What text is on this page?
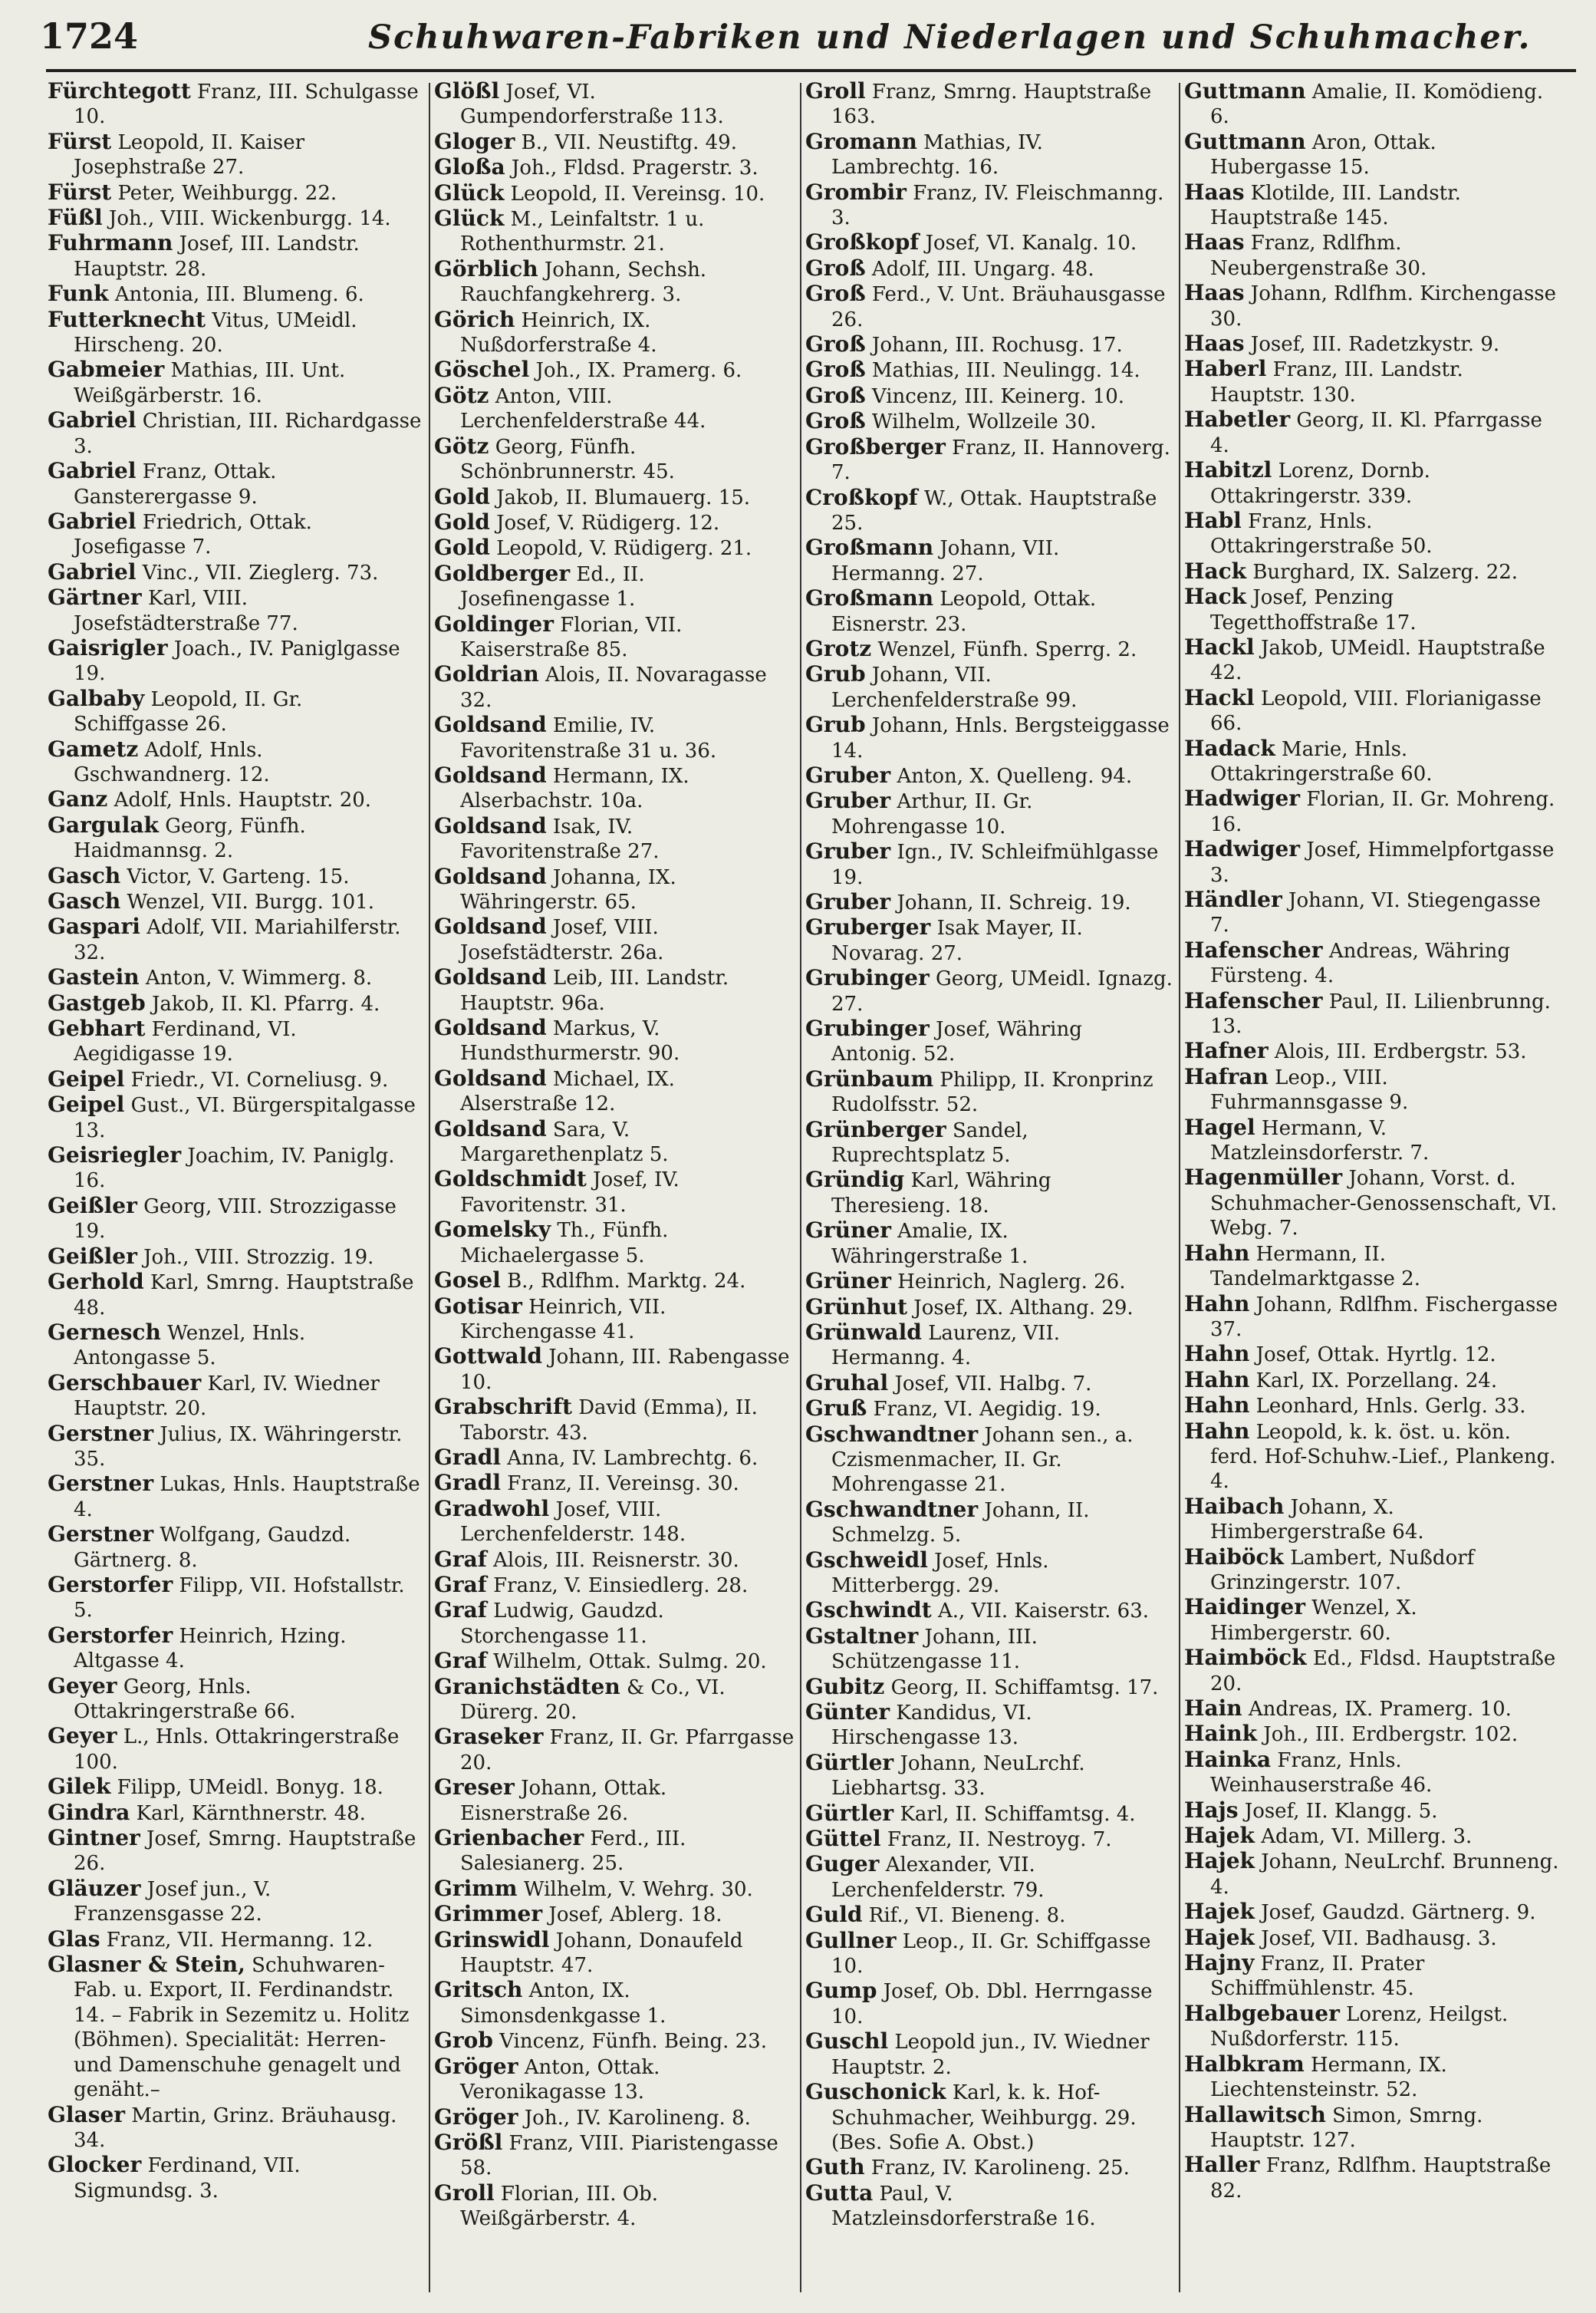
1724	Schuhwaren-Fabriken und Niederlagen und Schuhmacher.

Fürchtegott Franz, III. Schulgasse 10.

Fürst Leopold, II. Kaiser Josephstraße 27.

Fürst Peter, Weihburgg. 22.

Füßl Joh., VIII. Wickenburgg. 14.

Fuhrmann Josef, III. Landstr. Hauptstr. 28.

Funk Antonia, III. Blumeng. 6.

Futterknecht Vitus, UMeidl. Hirscheng. 20.

Gabmeier Mathias, III. Unt. Weißgärberstr. 16.

Gabriel Christian, III. Richardgasse 3.

Gabriel Franz, Ottak. Gansterergasse 9.

Gabriel Friedrich, Ottak. Josefigasse 7.

Gabriel Vinc., VII. Zieglerg. 73.

Gärtner Karl, VIII. Josefstädterstraße 77.

Gaisrigler Joach., IV. Paniglgasse 19.

Galbaby Leopold, II. Gr. Schiffgasse 26.

Gametz Adolf, Hnls. Gschwandnerg. 12.

Ganz Adolf, Hnls. Hauptstr. 20.

Gargulak Georg, Fünfh. Haidmannsg. 2.

Gasch Victor, V. Garteng. 15.

Gasch Wenzel, VII. Burgg. 101.

Gaspari Adolf, VII. Mariahilferstr. 32.

Gastein Anton, V. Wimmerg. 8.

Gastgeb Jakob, II. Kl. Pfarrg. 4.

Gebhart Ferdinand, VI. Aegidigasse 19.

Geipel Friedr., VI. Corneliusg. 9.

Geipel Gust., VI. Bürgerspitalgasse 13.

Geisriegler Joachim, IV. Paniglg. 16.

Geißler Georg, VIII. Strozzigasse 19.

Geißler Joh., VIII. Strozzig. 19.

Gerhold Karl, Smrng. Hauptstraße 48.

Gernesch Wenzel, Hnls. Antongasse 5.

Gerschbauer Karl, IV. Wiedner Hauptstr. 20.

Gerstner Julius, IX. Währingerstr. 35.

Gerstner Lukas, Hnls. Hauptstraße 4.

Gerstner Wolfgang, Gaudzd. Gärtnerg. 8.

Gerstorfer Filipp, VII. Hofstallstr. 5.

Gerstorfer Heinrich, Hzing. Altgasse 4.

Geyer Georg, Hnls. Ottakringerstraße 66.

Geyer L., Hnls. Ottakringerstraße 100.

Gilek Filipp, UMeidl. Bonyg. 18.

Gindra Karl, Kärnthnerstr. 48.

Gintner Josef, Smrng. Hauptstraße 26.

Gläuzer Josef jun., V. Franzensgasse 22.

Glas Franz, VII. Hermanng. 12.

Glasner & Stein, Schuhwaren-Fab. u. Export, II. Ferdinandstr. 14. – Fabrik in Sezemitz u. Holitz (Böhmen). Specialität: Herren- und Damenschuhe genagelt und genäht.–

Glaser Martin, Grinz. Bräuhausg. 34.

Glocker Ferdinand, VII. Sigmundsg. 3.

Glößl Josef, VI. Gumpendorferstraße 113.

Gloger B., VII. Neustiftg. 49.

Gloßa Joh., Fldsd. Pragerstr. 3.

Glück Leopold, II. Vereinsg. 10.

Glück M., Leinfaltstr. 1 u. Rothenthurmstr. 21.

Görblich Johann, Sechsh. Rauchfangkehrerg. 3.

Görich Heinrich, IX. Nußdorferstraße 4.

Göschel Joh., IX. Pramerg. 6.

Götz Anton, VIII. Lerchenfelderstraße 44.

Götz Georg, Fünfh. Schönbrunnerstr. 45.

Gold Jakob, II. Blumauerg. 15.

Gold Josef, V. Rüdigerg. 12.

Gold Leopold, V. Rüdigerg. 21.

Goldberger Ed., II. Josefinengasse 1.

Goldinger Florian, VII. Kaiserstraße 85.

Goldrian Alois, II. Novaragasse 32.

Goldsand Emilie, IV. Favoritenstraße 31 u. 36.

Goldsand Hermann, IX. Alserbachstr. 10a.

Goldsand Isak, IV. Favoritenstraße 27.

Goldsand Johanna, IX. Währingerstr. 65.

Goldsand Josef, VIII. Josefstädterstr. 26a.

Goldsand Leib, III. Landstr. Hauptstr. 96a.

Goldsand Markus, V. Hundsthurmerstr. 90.

Goldsand Michael, IX. Alserstraße 12.

Goldsand Sara, V. Margarethenplatz 5.

Goldschmidt Josef, IV. Favoritenstr. 31.

Gomelsky Th., Fünfh. Michaelergasse 5.

Gosel B., Rdlfhm. Marktg. 24.

Gotisar Heinrich, VII. Kirchengasse 41.

Gottwald Johann, III. Rabengasse 10.

Grabschrift David (Emma), II. Taborstr. 43.

Gradl Anna, IV. Lambrechtg. 6.

Gradl Franz, II. Vereinsg. 30.

Gradwohl Josef, VIII. Lerchenfelderstr. 148.

Graf Alois, III. Reisnerstr. 30.

Graf Franz, V. Einsiedlerg. 28.

Graf Ludwig, Gaudzd. Storchengasse 11.

Graf Wilhelm, Ottak. Sulmg. 20.

Granichstädten & Co., VI. Dürerg. 20.

Graseker Franz, II. Gr. Pfarrgasse 20.

Greser Johann, Ottak. Eisnerstraße 26.

Grienbacher Ferd., III. Salesianerg. 25.

Grimm Wilhelm, V. Wehrg. 30.

Grimmer Josef, Ablerg. 18.

Grinswidl Johann, Donaufeld Hauptstr. 47.

Gritsch Anton, IX. Simonsdenkgasse 1.

Grob Vincenz, Fünfh. Being. 23.

Gröger Anton, Ottak. Veronikagasse 13.

Gröger Joh., IV. Karolineng. 8.

Größl Franz, VIII. Piaristengasse 58.

Groll Florian, III. Ob. Weißgärberstr. 4.

Groll Franz, Smrng. Hauptstraße 163.

Gromann Mathias, IV. Lambrechtg. 16.

Grombir Franz, IV. Fleischmanng. 3.

Großkopf Josef, VI. Kanalg. 10.

Groß Adolf, III. Ungarg. 48.

Groß Ferd., V. Unt. Bräuhausgasse 26.

Groß Johann, III. Rochusg. 17.

Groß Mathias, III. Neulingg. 14.

Groß Vincenz, III. Keinerg. 10.

Groß Wilhelm, Wollzeile 30.

Großberger Franz, II. Hannoverg. 7.

Croßkopf W., Ottak. Hauptstraße 25.

Großmann Johann, VII. Hermanng. 27.

Großmann Leopold, Ottak. Eisnerstr. 23.

Grotz Wenzel, Fünfh. Sperrg. 2.

Grub Johann, VII. Lerchenfelderstraße 99.

Grub Johann, Hnls. Bergsteiggasse 14.

Gruber Anton, X. Quelleng. 94.

Gruber Arthur, II. Gr. Mohrengasse 10.

Gruber Ign., IV. Schleifmühlgasse 19.

Gruber Johann, II. Schreig. 19.

Gruberger Isak Mayer, II. Novarag. 27.

Grubinger Georg, UMeidl. Ignazg. 27.

Grubinger Josef, Währing Antonig. 52.

Grünbaum Philipp, II. Kronprinz Rudolfsstr. 52.

Grünberger Sandel, Ruprechtsplatz 5.

Gründig Karl, Währing Theresieng. 18.

Grüner Amalie, IX. Währingerstraße 1.

Grüner Heinrich, Naglerg. 26.

Grünhut Josef, IX. Althang. 29.

Grünwald Laurenz, VII. Hermanng. 4.

Gruhal Josef, VII. Halbg. 7.

Gruß Franz, VI. Aegidig. 19.

Gschwandtner Johann sen., a. Czismenmacher, II. Gr. Mohrengasse 21.

Gschwandtner Johann, II. Schmelzg. 5.

Gschweidl Josef, Hnls. Mitterbergg. 29.

Gschwindt A., VII. Kaiserstr. 63.

Gstaltner Johann, III. Schützengasse 11.

Gubitz Georg, II. Schiffamtsg. 17.

Günter Kandidus, VI. Hirschengasse 13.

Gürtler Johann, NeuLrchf. Liebhartsg. 33.

Gürtler Karl, II. Schiffamtsg. 4.

Güttel Franz, II. Nestroyg. 7.

Guger Alexander, VII. Lerchenfelderstr. 79.

Guld Rif., VI. Bieneng. 8.

Gullner Leop., II. Gr. Schiffgasse 10.

Gump Josef, Ob. Dbl. Herrngasse 10.

Guschl Leopold jun., IV. Wiedner Hauptstr. 2.

Guschonick Karl, k. k. Hof-Schuhmacher, Weihburgg. 29. (Bes. Sofie A. Obst.)

Guth Franz, IV. Karolineng. 25.

Gutta Paul, V. Matzleinsdorferstraße 16.

Guttmann Amalie, II. Komödieng. 6.

Guttmann Aron, Ottak. Hubergasse 15.

Haas Klotilde, III. Landstr. Hauptstraße 145.

Haas Franz, Rdlfhm. Neubergenstraße 30.

Haas Johann, Rdlfhm. Kirchengasse 30.

Haas Josef, III. Radetzkystr. 9.

Haberl Franz, III. Landstr. Hauptstr. 130.

Habetler Georg, II. Kl. Pfarrgasse 4.

Habitzl Lorenz, Dornb. Ottakringerstr. 339.

Habl Franz, Hnls. Ottakringerstraße 50.

Hack Burghard, IX. Salzerg. 22.

Hack Josef, Penzing Tegetthoffstraße 17.

Hackl Jakob, UMeidl. Hauptstraße 42.

Hackl Leopold, VIII. Florianigasse 66.

Hadack Marie, Hnls. Ottakringerstraße 60.

Hadwiger Florian, II. Gr. Mohreng. 16.

Hadwiger Josef, Himmelpfortgasse 3.

Händler Johann, VI. Stiegengasse 7.

Hafenscher Andreas, Währing Fürsteng. 4.

Hafenscher Paul, II. Lilienbrunng. 13.

Hafner Alois, III. Erdbergstr. 53.

Hafran Leop., VIII. Fuhrmannsgasse 9.

Hagel Hermann, V. Matzleinsdorferstr. 7.

Hagenmüller Johann, Vorst. d. Schuhmacher-Genossenschaft, VI. Webg. 7.

Hahn Hermann, II. Tandelmarktgasse 2.

Hahn Johann, Rdlfhm. Fischergasse 37.

Hahn Josef, Ottak. Hyrtlg. 12.

Hahn Karl, IX. Porzellang. 24.

Hahn Leonhard, Hnls. Gerlg. 33.

Hahn Leopold, k. k. öst. u. kön. ferd. Hof-Schuhw.-Lief., Plankeng. 4.

Haibach Johann, X. Himbergerstraße 64.

Haiböck Lambert, Nußdorf Grinzingerstr. 107.

Haidinger Wenzel, X. Himbergerstr. 60.

Haimböck Ed., Fldsd. Hauptstraße 20.

Hain Andreas, IX. Pramerg. 10.

Haink Joh., III. Erdbergstr. 102.

Hainka Franz, Hnls. Weinhauserstraße 46.

Hajs Josef, II. Klangg. 5.

Hajek Adam, VI. Millerg. 3.

Hajek Johann, NeuLrchf. Brunneng. 4.

Hajek Josef, Gaudzd. Gärtnerg. 9.

Hajek Josef, VII. Badhausg. 3.

Hajny Franz, II. Prater Schiffmühlenstr. 45.

Halbgebauer Lorenz, Heilgst. Nußdorferstr. 115.

Halbkram Hermann, IX. Liechtensteinstr. 52.

Hallawitsch Simon, Smrng. Hauptstr. 127.

Haller Franz, Rdlfhm. Hauptstraße 82.
